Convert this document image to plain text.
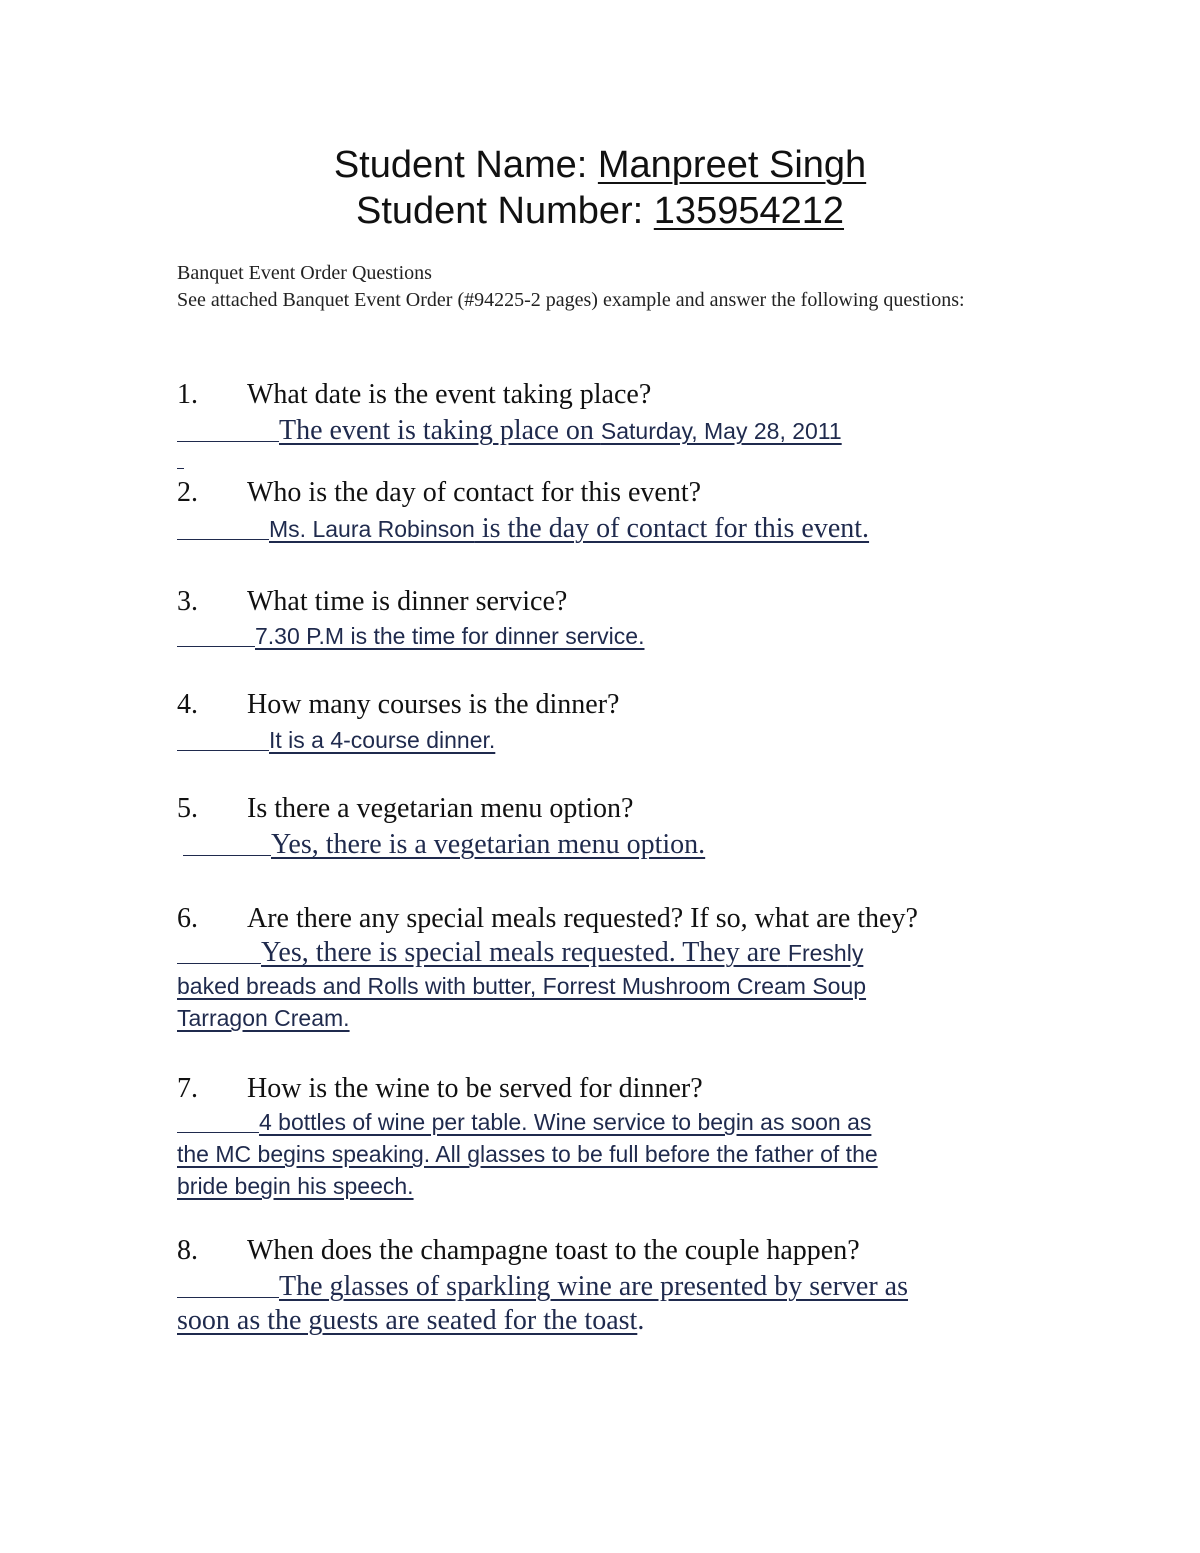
Student Name: Manpreet Singh
Student Number: 135954212
Banquet Event Order Questions
See attached Banquet Event Order (#94225-2 pages) example and answer the following questions:
1. What date is the event taking place?
The event is taking place on Saturday, May 28, 2011
2. Who is the day of contact for this event?
Ms. Laura Robinson is the day of contact for this event.
3. What time is dinner service?
7.30 P.M is the time for dinner service.
4. How many courses is the dinner?
It is a 4-course dinner.
5. Is there a vegetarian menu option?
Yes, there is a vegetarian menu option.
6. Are there any special meals requested? If so, what are they?
Yes, there is special meals requested. They are Freshly
baked breads and Rolls with butter, Forrest Mushroom Cream Soup
Tarragon Cream.
7. How is the wine to be served for dinner?
4 bottles of wine per table. Wine service to begin as soon as
the MC begins speaking. All glasses to be full before the father of the
bride begin his speech.
8. When does the champagne toast to the couple happen?
The glasses of sparkling wine are presented by server as
soon as the guests are seated for the toast.
